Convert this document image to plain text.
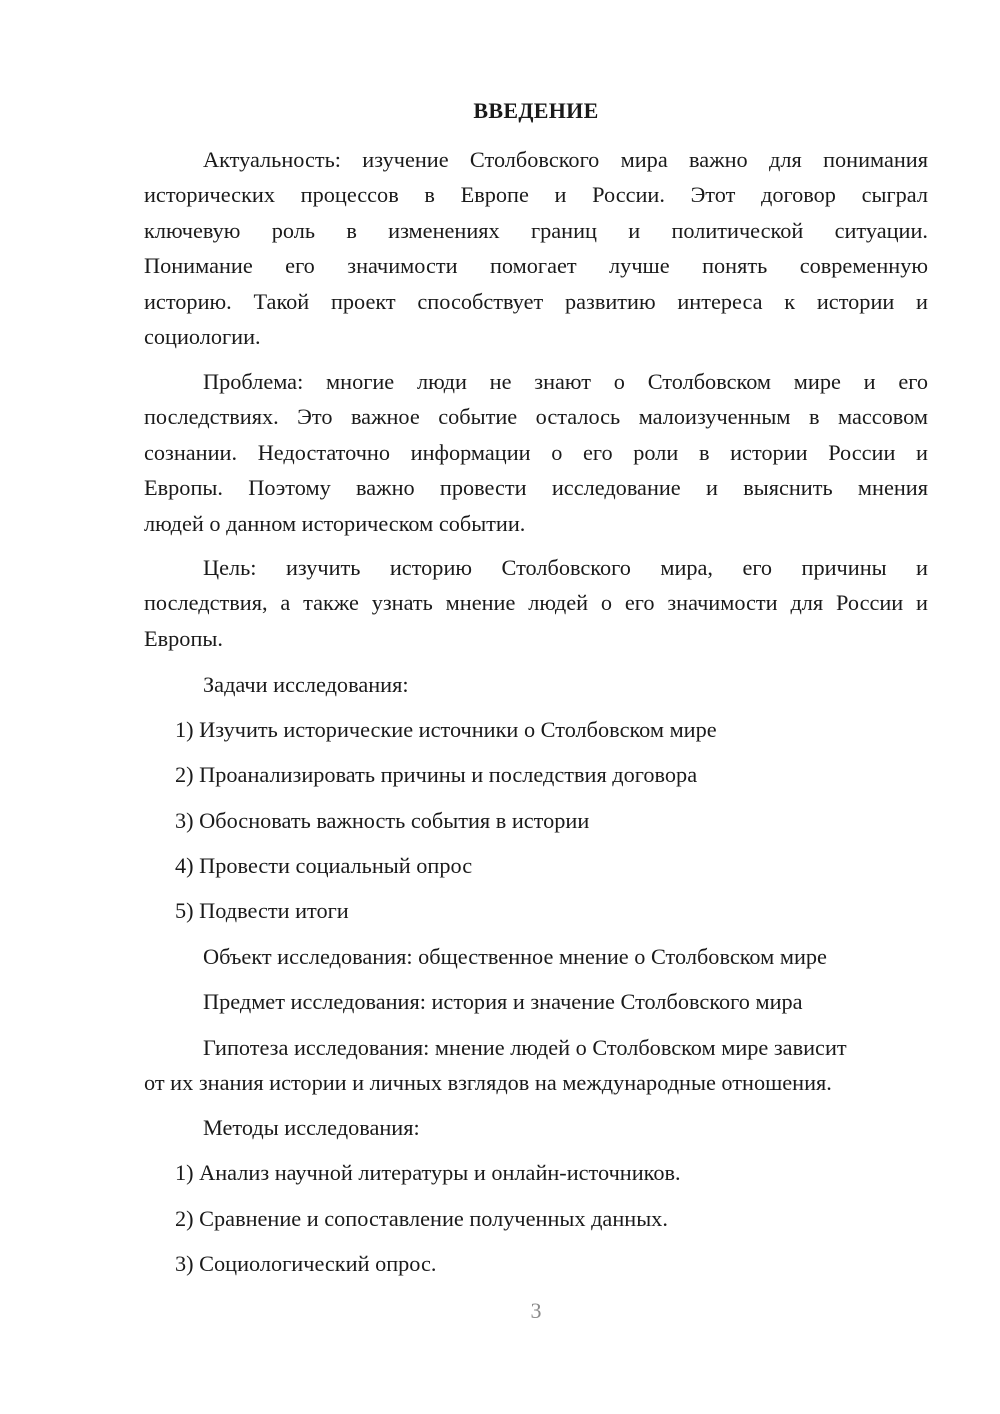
ВВЕДЕНИЕ
Актуальность: изучение Столбовского мира важно для понимания
исторических процессов в Европе и России. Этот договор сыграл
ключевую роль в изменениях границ и политической ситуации.
Понимание его значимости помогает лучше понять современную
историю. Такой проект способствует развитию интереса к истории и
социологии.
Проблема: многие люди не знают о Столбовском мире и его
последствиях. Это важное событие осталось малоизученным в массовом
сознании. Недостаточно информации о его роли в истории России и
Европы. Поэтому важно провести исследование и выяснить мнения
людей о данном историческом событии.
Цель: изучить историю Столбовского мира, его причины и
последствия, а также узнать мнение людей о его значимости для России и
Европы.
Задачи исследования:
1) Изучить исторические источники о Столбовском мире
2) Проанализировать причины и последствия договора
3) Обосновать важность события в истории
4) Провести социальный опрос
5) Подвести итоги
Объект исследования: общественное мнение о Столбовском мире
Предмет исследования: история и значение Столбовского мира
Гипотеза исследования: мнение людей о Столбовском мире зависит
от их знания истории и личных взглядов на международные отношения.
Методы исследования:
1) Анализ научной литературы и онлайн-источников.
2) Сравнение и сопоставление полученных данных.
3) Социологический опрос.
3
